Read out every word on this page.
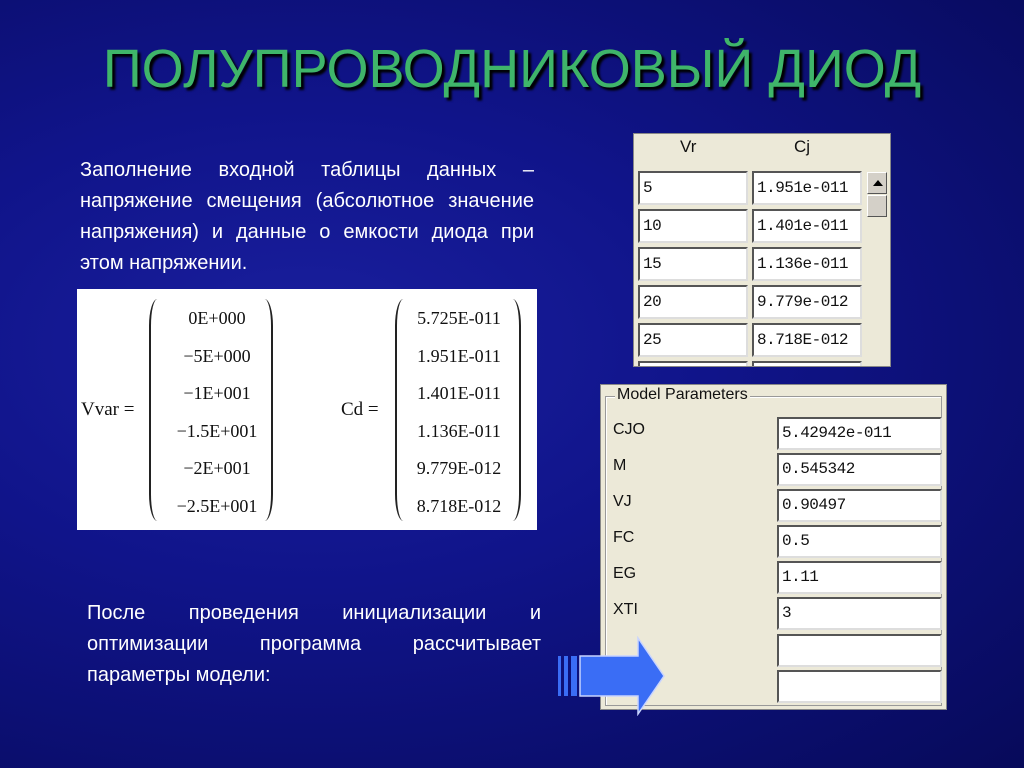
ПОЛУПРОВОДНИКОВЫЙ ДИОД
Заполнение входной таблицы данных – напряжение смещения (абсолютное значение напряжения) и данные о емкости диода при этом напряжении.
Vvar =
0E+000
−5E+000
−1E+001
−1.5E+001
−2E+001
−2.5E+001
Cd =
5.725E-011
1.951E-011
1.401E-011
1.136E-011
9.779E-012
8.718E-012
Vr	Cj
5	1.951e-011
10	1.401e-011
15	1.136e-011
20	9.779e-012
25	8.718E-012
Model Parameters
CJO	5.42942e-011
M	0.545342
VJ	0.90497
FC	0.5
EG	1.11
XTI	3
После проведения инициализации и оптимизации программа рассчитывает параметры модели:
